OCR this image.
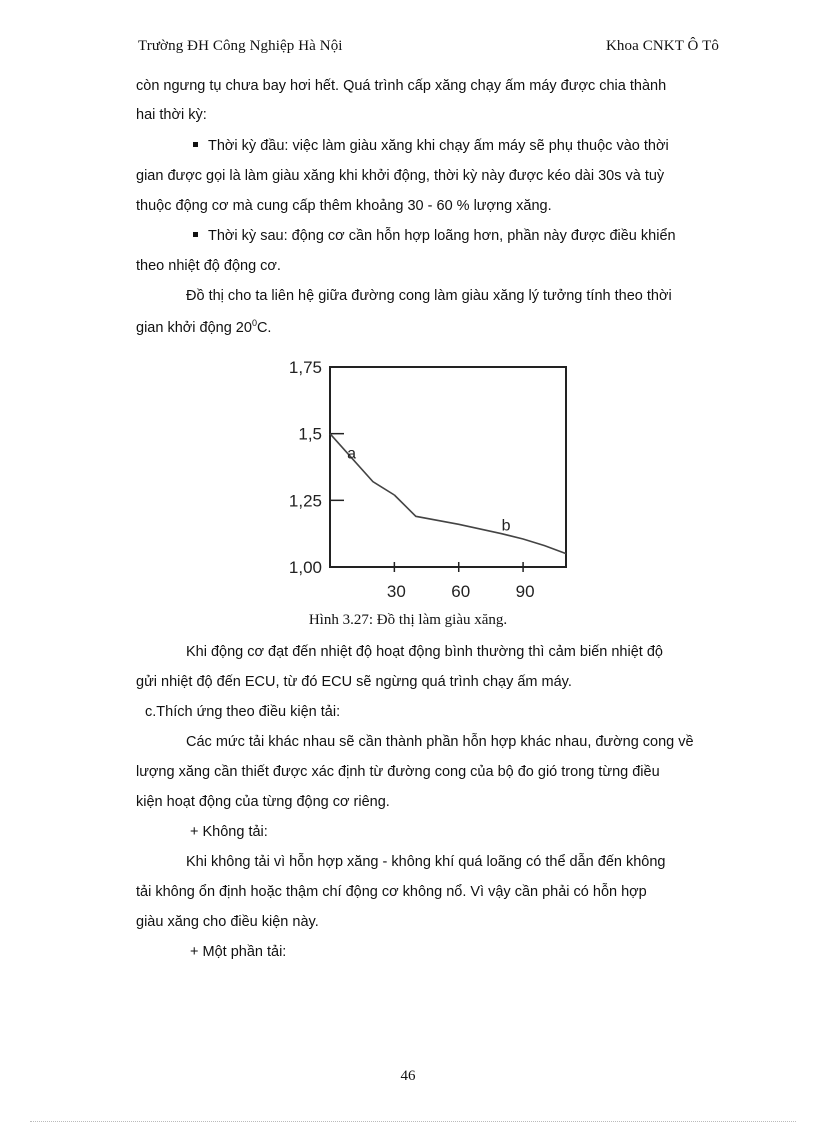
Trường ĐH Công Nghiệp Hà Nội	Khoa CNKT Ô Tô
còn ngưng tụ chưa bay hơi hết. Quá trình cấp xăng chạy ấm máy được chia thành
hai thời kỳ:
Thời kỳ đầu: việc làm giàu xăng khi chạy ấm máy sẽ phụ thuộc vào thời
gian được gọi là làm giàu xăng khi khởi động, thời kỳ này được kéo dài 30s và tuỳ
thuộc động cơ mà cung cấp thêm khoảng 30 - 60 % lượng xăng.
Thời kỳ sau: động cơ cần hỗn hợp loãng hơn, phần này được điều khiển
theo nhiệt độ động cơ.
Đồ thị cho ta liên hệ giữa đường cong làm giàu xăng lý tưởng tính theo thời
gian khởi động $20^0C$.
1,75
1,5
1,25
1,00
30	60	90
a
b
Hình 3.27: Đồ thị làm giàu xăng.
Khi động cơ đạt đến nhiệt độ hoạt động bình thường thì cảm biến nhiệt độ
gửi nhiệt độ đến ECU, từ đó ECU sẽ ngừng quá trình chạy ấm máy.
c.Thích ứng theo điều kiện tải:
Các mức tải khác nhau sẽ cần thành phần hỗn hợp khác nhau, đường cong về
lượng xăng cần thiết được xác định từ đường cong của bộ đo gió trong từng điều
kiện hoạt động của từng động cơ riêng.
+ Không tải:
Khi không tải vì hỗn hợp xăng - không khí quá loãng có thể dẫn đến không
tải không ổn định hoặc thậm chí động cơ không nổ. Vì vậy cần phải có hỗn hợp
giàu xăng cho điều kiện này.
+ Một phần tải:
46
